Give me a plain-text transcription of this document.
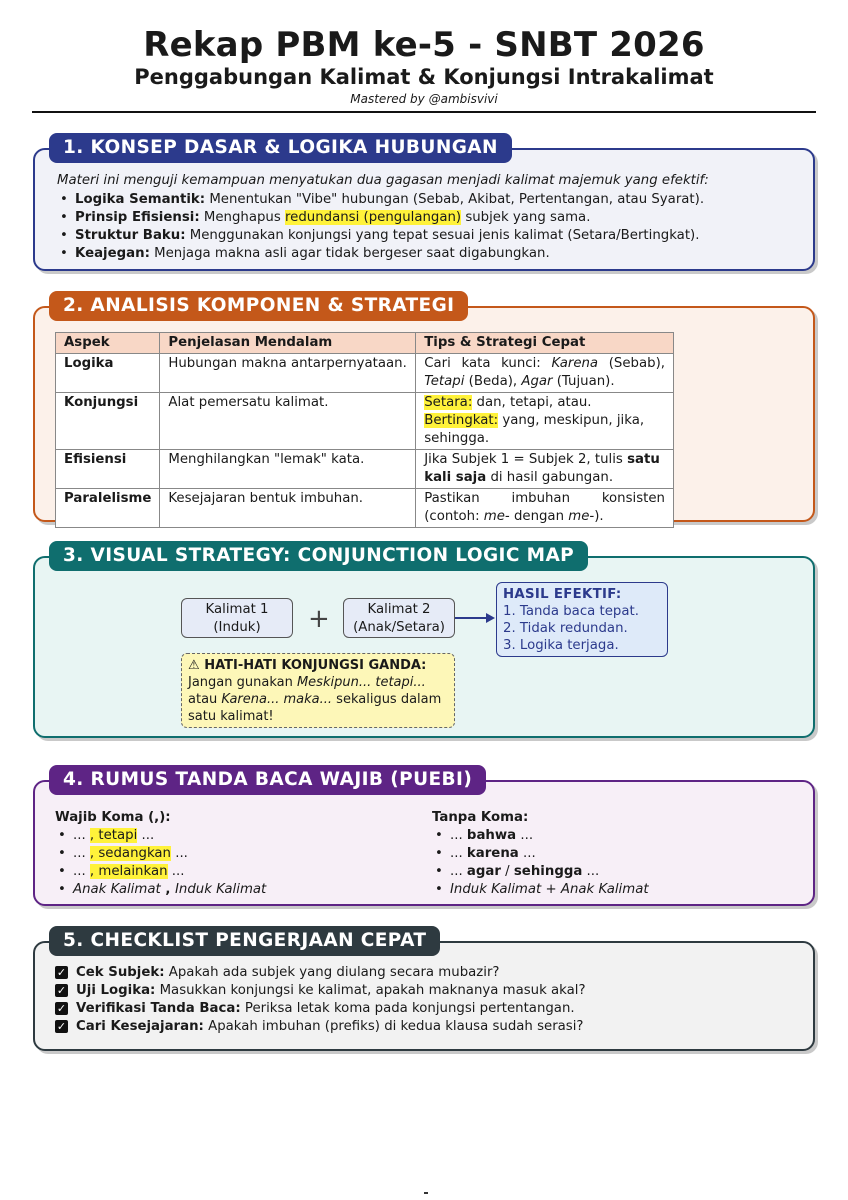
Rekap PBM ke-5 - SNBT 2026
Penggabungan Kalimat & Konjungsi Intrakalimat
Mastered by @ambisvivi
1. KONSEP DASAR & LOGIKA HUBUNGAN
Materi ini menguji kemampuan menyatukan dua gagasan menjadi kalimat majemuk yang efektif:
• Logika Semantik: Menentukan "Vibe" hubungan (Sebab, Akibat, Pertentangan, atau Syarat).
• Prinsip Efisiensi: Menghapus redundansi (pengulangan) subjek yang sama.
• Struktur Baku: Menggunakan konjungsi yang tepat sesuai jenis kalimat (Setara/Bertingkat).
• Keajegan: Menjaga makna asli agar tidak bergeser saat digabungkan.
2. ANALISIS KOMPONEN & STRATEGI
Aspek	Penjelasan Mendalam	Tips & Strategi Cepat
Logika	Hubungan makna antarpernyataan.	Cari kata kunci: Karena (Sebab), Tetapi (Beda), Agar (Tujuan).
Konjungsi	Alat pemersatu kalimat.	Setara: dan, tetapi, atau. Bertingkat: yang, meskipun, jika, sehingga.
Efisiensi	Menghilangkan "lemak" kata.	Jika Subjek 1 = Subjek 2, tulis satu kali saja di hasil gabungan.
Paralelisme	Kesejajaran bentuk imbuhan.	Pastikan imbuhan konsisten (contoh: me- dengan me-).
3. VISUAL STRATEGY: CONJUNCTION LOGIC MAP
Kalimat 1
(Induk)	+	Kalimat 2
(Anak/Setara)
HASIL EFEKTIF:
1. Tanda baca tepat.
2. Tidak redundan.
3. Logika terjaga.
⚠ HATI-HATI KONJUNGSI GANDA:
Jangan gunakan Meskipun... tetapi... atau Karena... maka... sekaligus dalam satu kalimat!
4. RUMUS TANDA BACA WAJIB (PUEBI)
Wajib Koma (,):
• ... , tetapi ...
• ... , sedangkan ...
• ... , melainkan ...
• Anak Kalimat , Induk Kalimat
Tanpa Koma:
• ... bahwa ...
• ... karena ...
• ... agar / sehingga ...
• Induk Kalimat + Anak Kalimat
5. CHECKLIST PENGERJAAN CEPAT
✓ Cek Subjek: Apakah ada subjek yang diulang secara mubazir?
✓ Uji Logika: Masukkan konjungsi ke kalimat, apakah maknanya masuk akal?
✓ Verifikasi Tanda Baca: Periksa letak koma pada konjungsi pertentangan.
✓ Cari Kesejajaran: Apakah imbuhan (prefiks) di kedua klausa sudah serasi?
